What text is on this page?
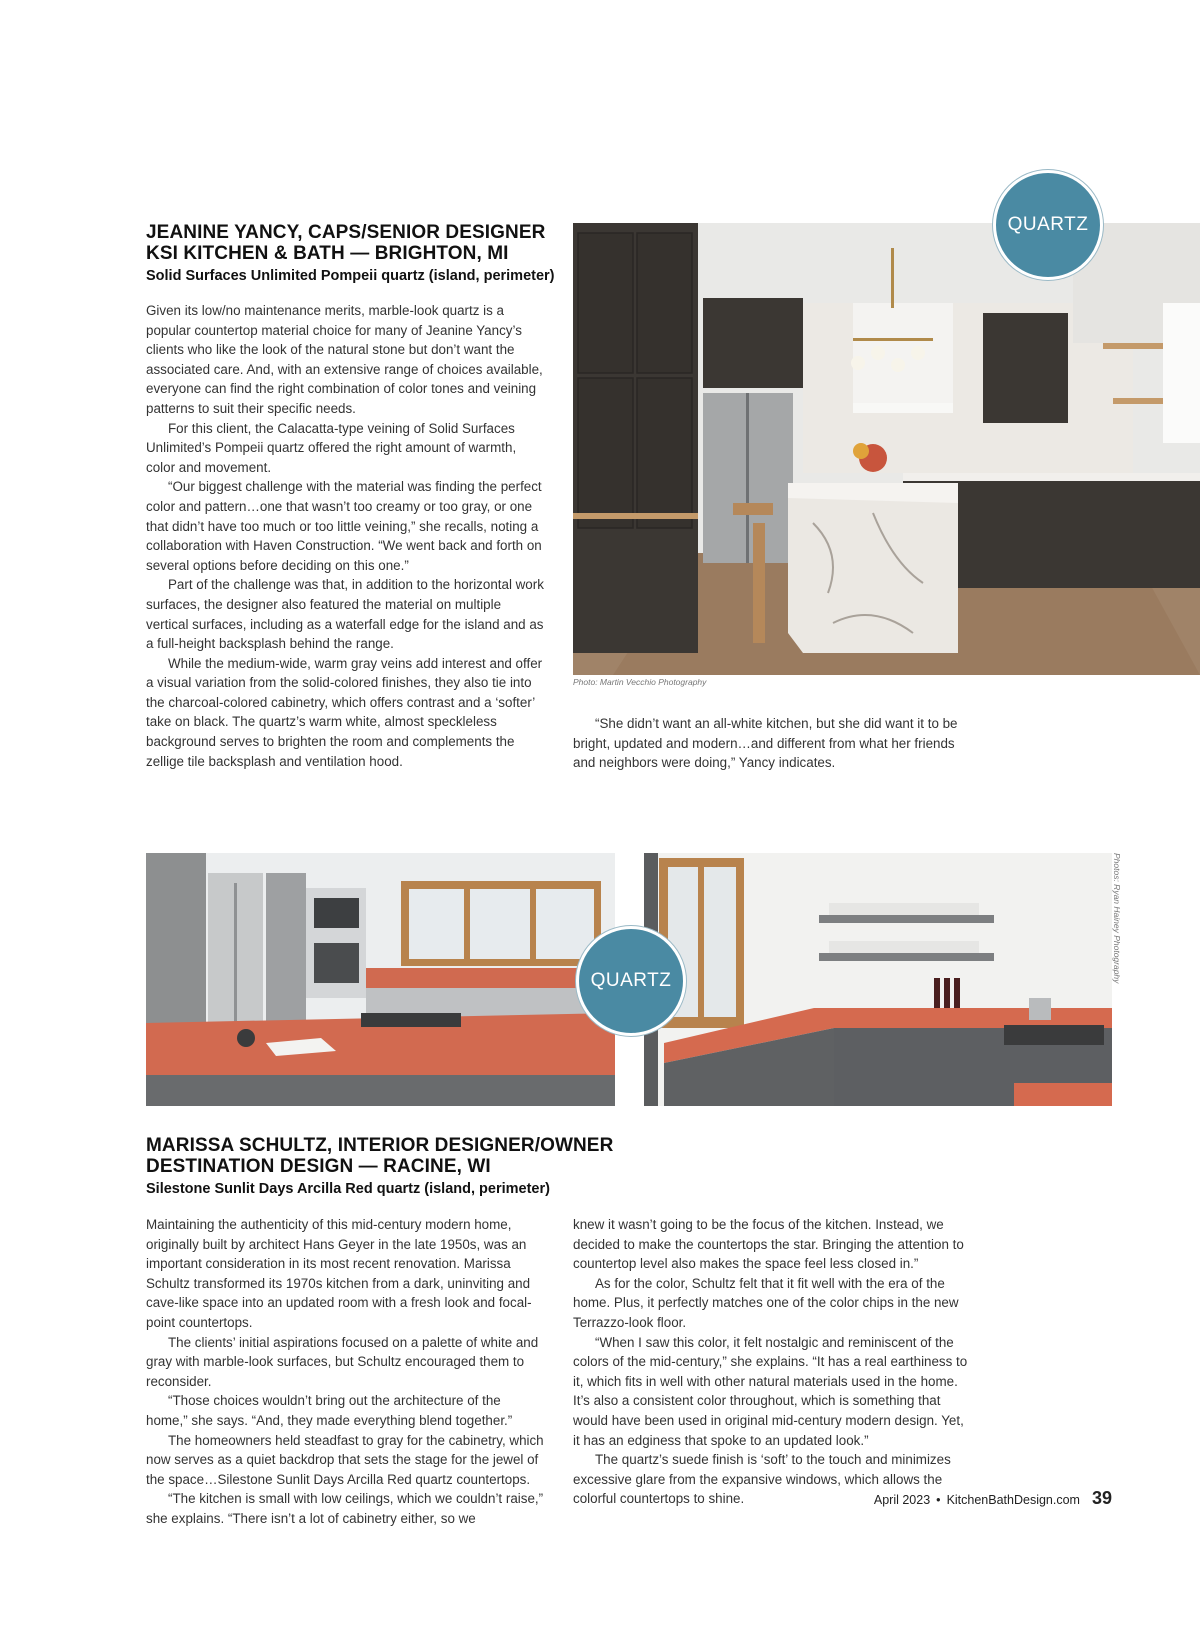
JEANINE YANCY, CAPS/SENIOR DESIGNER
KSI KITCHEN & BATH — BRIGHTON, MI

Solid Surfaces Unlimited Pompeii quartz (island, perimeter)

Given its low/no maintenance merits, marble-look quartz is a popular countertop material choice for many of Jeanine Yancy’s clients who like the look of the natural stone but don’t want the associated care. And, with an extensive range of choices available, everyone can find the right combination of color tones and veining patterns to suit their specific needs.

For this client, the Calacatta-type veining of Solid Surfaces Unlimited’s Pompeii quartz offered the right amount of warmth, color and movement.

“Our biggest challenge with the material was finding the perfect color and pattern…one that wasn’t too creamy or too gray, or one that didn’t have too much or too little veining,” she recalls, noting a collaboration with Haven Construction. “We went back and forth on several options before deciding on this one.”

Part of the challenge was that, in addition to the horizontal work surfaces, the designer also featured the material on multiple vertical surfaces, including as a waterfall edge for the island and as a full-height backsplash behind the range.

While the medium-wide, warm gray veins add interest and offer a visual variation from the solid-colored finishes, they also tie into the charcoal-colored cabinetry, which offers contrast and a ‘softer’ take on black. The quartz’s warm white, almost speckleless background serves to brighten the room and complements the zellige tile backsplash and ventilation hood.

QUARTZ
Photo: Martin Vecchio Photography

“She didn’t want an all-white kitchen, but she did want it to be bright, updated and modern…and different from what her friends and neighbors were doing,” Yancy indicates.

QUARTZ	Photos: Ryan Hainey Photography
MARISSA SCHULTZ, INTERIOR DESIGNER/OWNER
DESTINATION DESIGN — RACINE, WI

Silestone Sunlit Days Arcilla Red quartz (island, perimeter)

Maintaining the authenticity of this mid-century modern home, originally built by architect Hans Geyer in the late 1950s, was an important consideration in its most recent renovation. Marissa Schultz transformed its 1970s kitchen from a dark, uninviting and cave-like space into an updated room with a fresh look and focal-point countertops.

The clients’ initial aspirations focused on a palette of white and gray with marble-look surfaces, but Schultz encouraged them to reconsider.

“Those choices wouldn’t bring out the architecture of the home,” she says. “And, they made everything blend together.”

The homeowners held steadfast to gray for the cabinetry, which now serves as a quiet backdrop that sets the stage for the jewel of the space…Silestone Sunlit Days Arcilla Red quartz countertops.

“The kitchen is small with low ceilings, which we couldn’t raise,” she explains. “There isn’t a lot of cabinetry either, so we

knew it wasn’t going to be the focus of the kitchen. Instead, we decided to make the countertops the star. Bringing the attention to countertop level also makes the space feel less closed in.”

As for the color, Schultz felt that it fit well with the era of the home. Plus, it perfectly matches one of the color chips in the new Terrazzo-look floor.

“When I saw this color, it felt nostalgic and reminiscent of the colors of the mid-century,” she explains. “It has a real earthiness to it, which fits in well with other natural materials used in the home. It’s also a consistent color throughout, which is something that would have been used in original mid-century modern design. Yet, it has an edginess that spoke to an updated look.”

The quartz’s suede finish is ‘soft’ to the touch and minimizes excessive glare from the expansive windows, which allows the colorful countertops to shine.	April 2023 • KitchenBathDesign.com 39
